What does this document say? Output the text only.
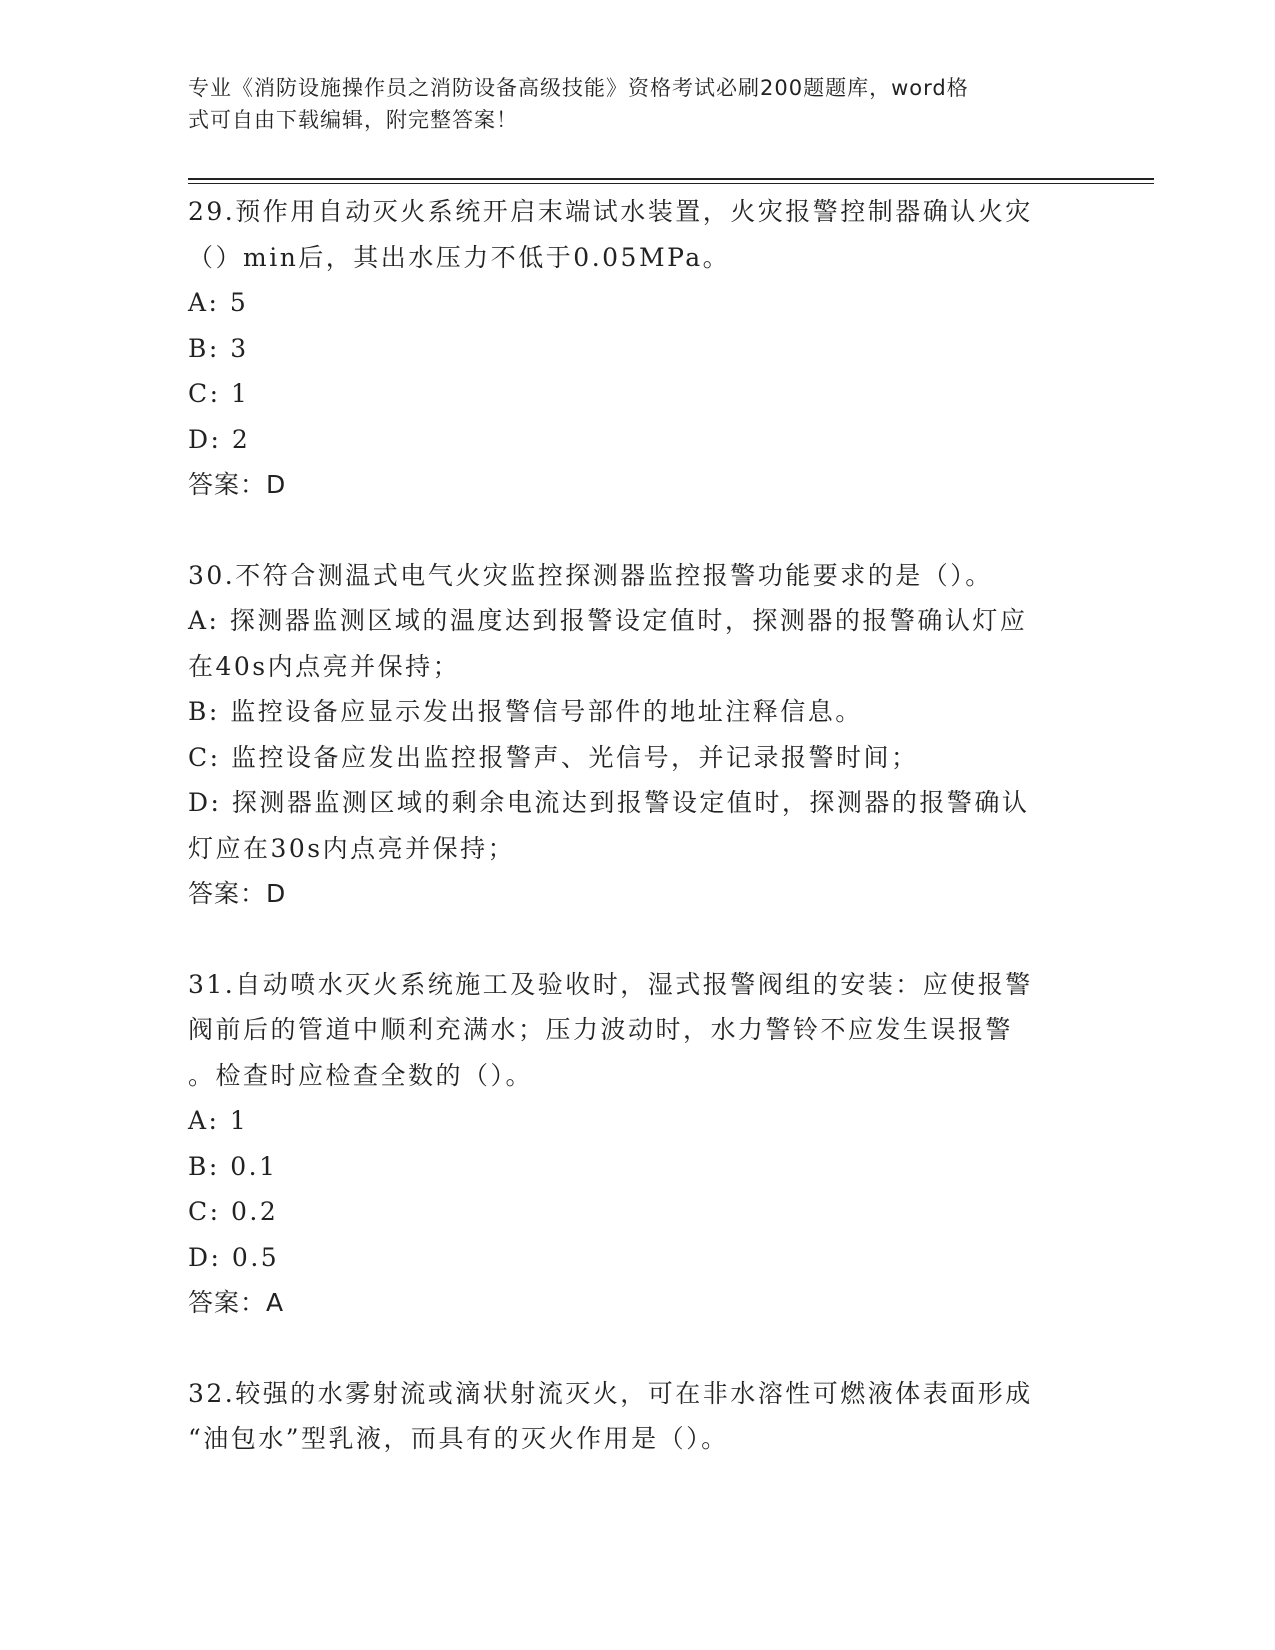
专业《消防设施操作员之消防设备高级技能》资格考试必刷200题题库，word格
式可自由下载编辑，附完整答案！
29.预作用自动灭火系统开启末端试水装置，火灾报警控制器确认火灾
（）min后，其出水压力不低于0.05MPa。
A: 5
B: 3
C: 1
D: 2
答案：D
30.不符合测温式电气火灾监控探测器监控报警功能要求的是（）。
A: 探测器监测区域的温度达到报警设定值时，探测器的报警确认灯应
在40s内点亮并保持；
B: 监控设备应显示发出报警信号部件的地址注释信息。
C: 监控设备应发出监控报警声、光信号，并记录报警时间；
D: 探测器监测区域的剩余电流达到报警设定值时，探测器的报警确认
灯应在30s内点亮并保持；
答案：D
31.自动喷水灭火系统施工及验收时，湿式报警阀组的安装：应使报警
阀前后的管道中顺利充满水；压力波动时，水力警铃不应发生误报警
。检查时应检查全数的（）。
A: 1
B: 0.1
C: 0.2
D: 0.5
答案：A
32.较强的水雾射流或滴状射流灭火，可在非水溶性可燃液体表面形成
“油包水”型乳液，而具有的灭火作用是（）。
